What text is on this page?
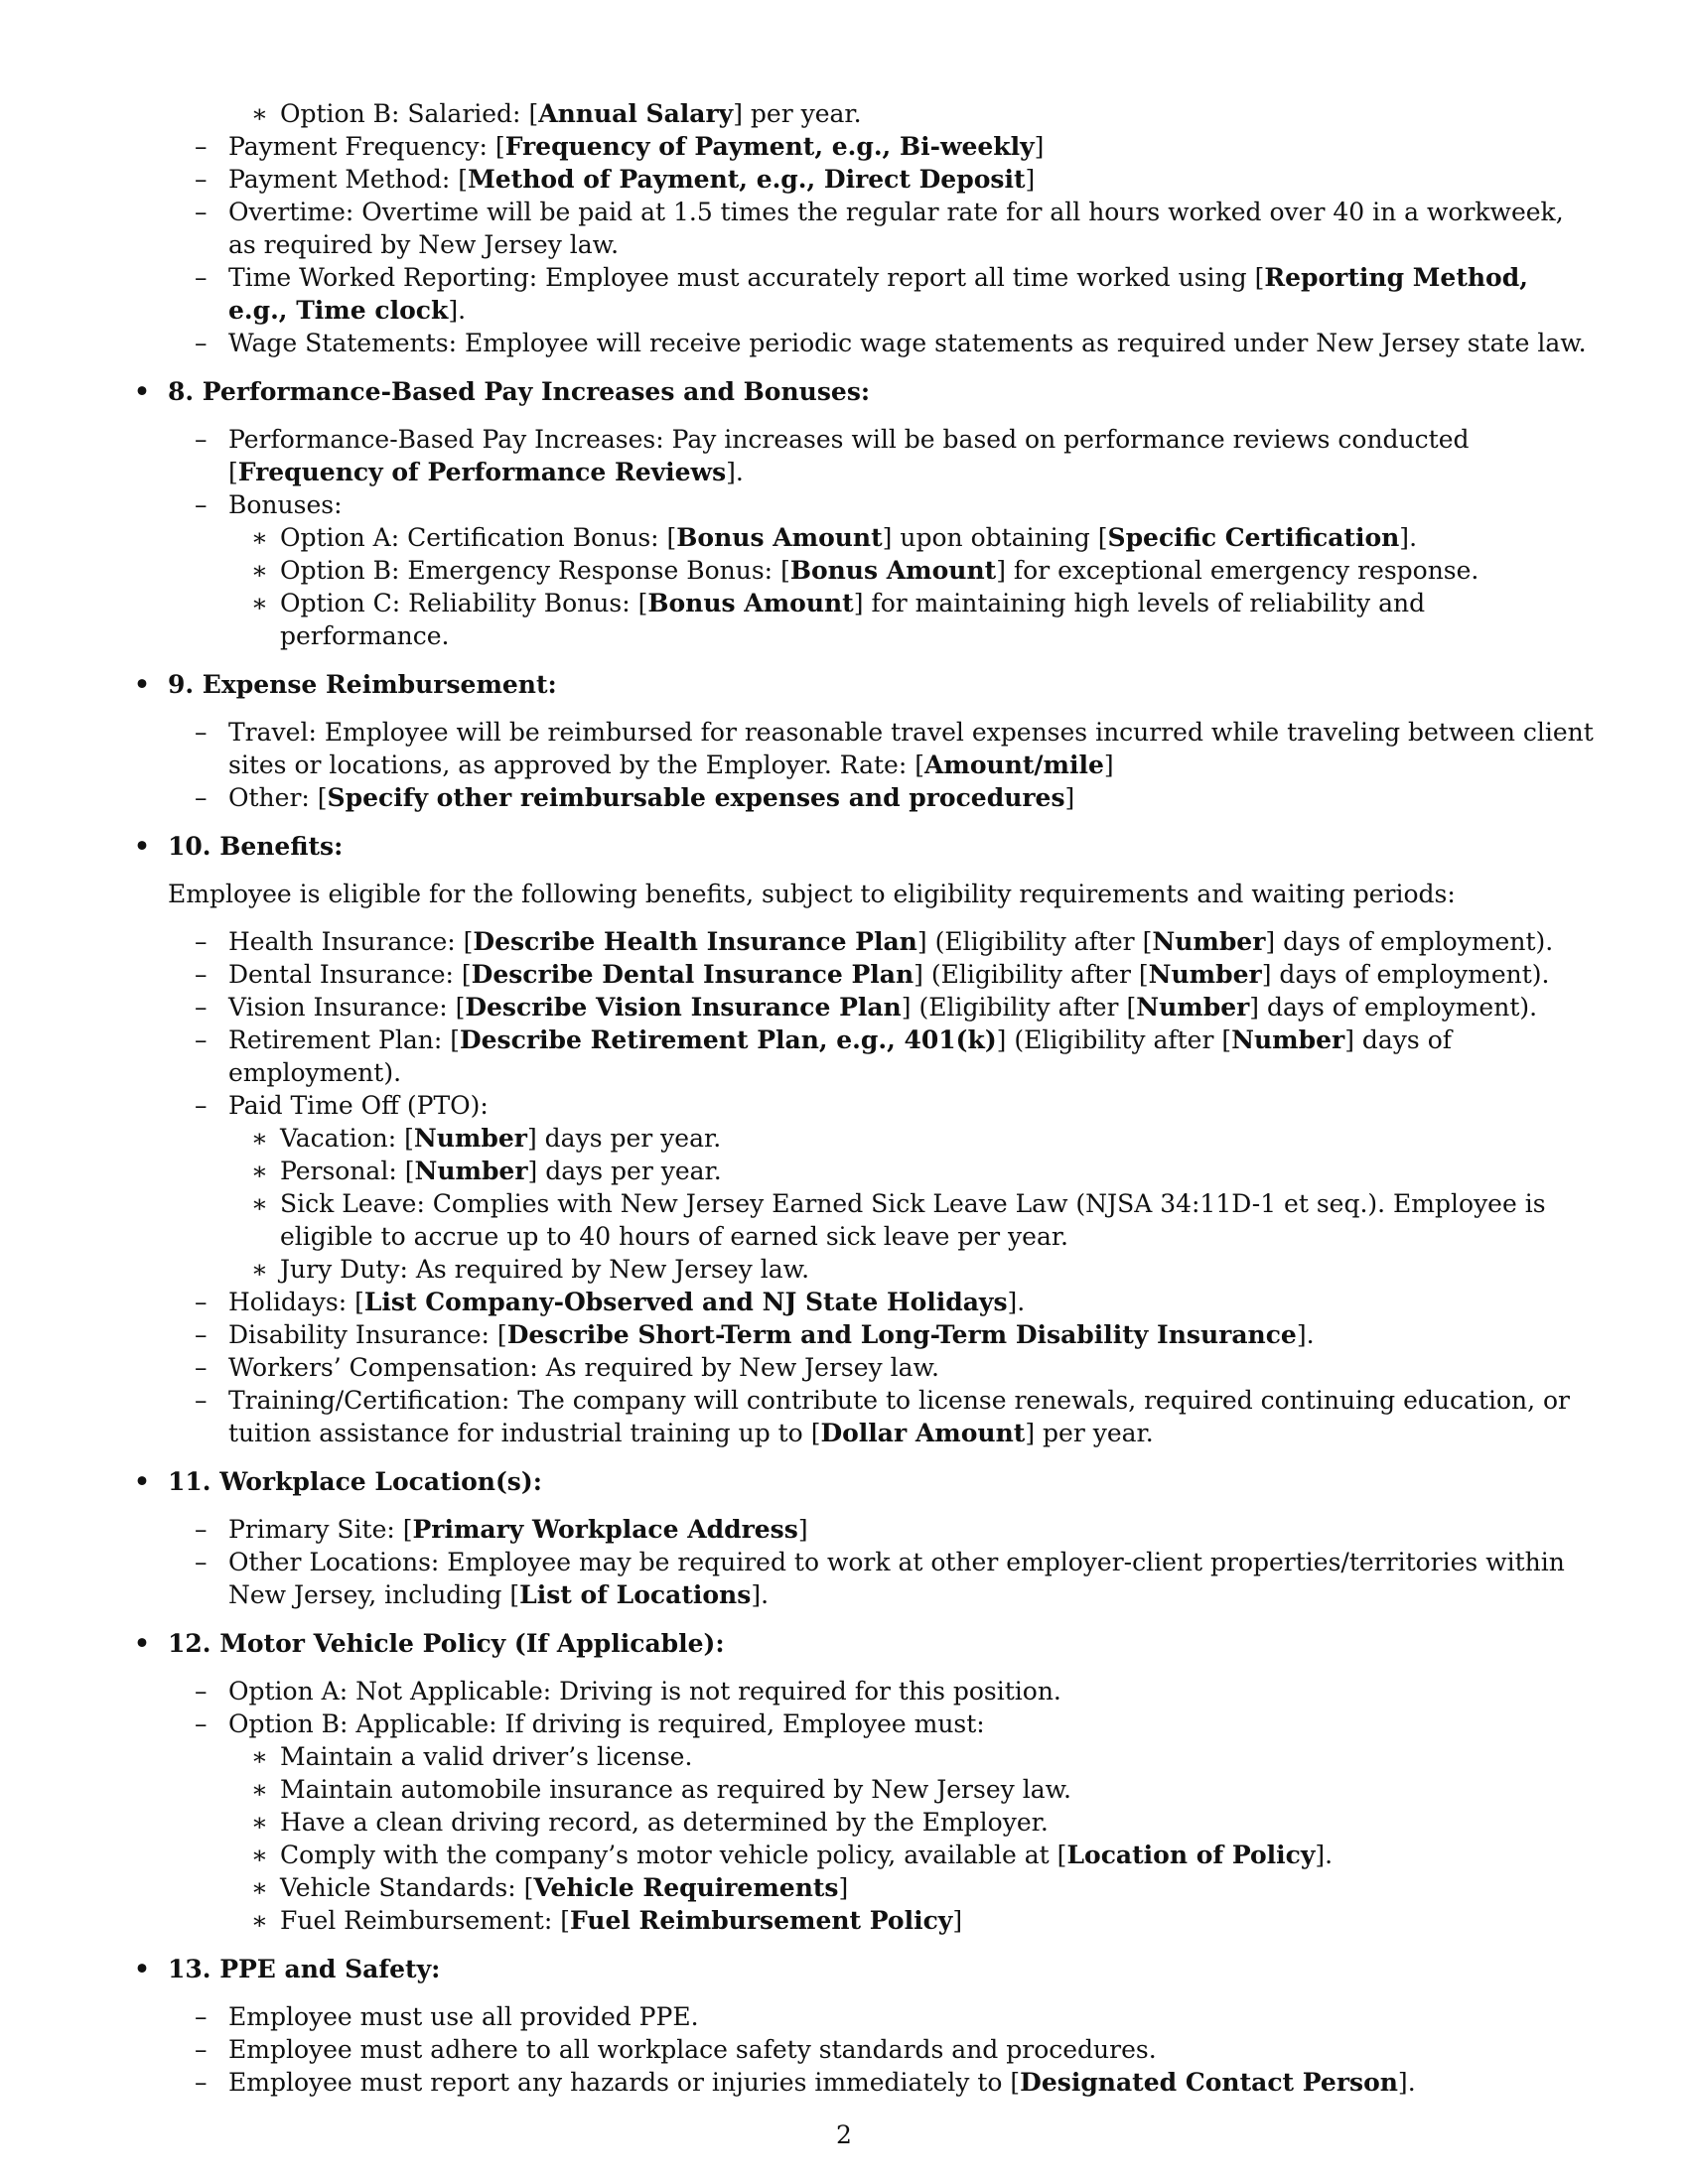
∗ Option B: Salaried: [Annual Salary] per year.
– Payment Frequency: [Frequency of Payment, e.g., Bi-weekly]
– Payment Method: [Method of Payment, e.g., Direct Deposit]
– Overtime: Overtime will be paid at 1.5 times the regular rate for all hours worked over 40 in a workweek, as required by New Jersey law.
– Time Worked Reporting: Employee must accurately report all time worked using [Reporting Method, e.g., Time clock].
– Wage Statements: Employee will receive periodic wage statements as required under New Jersey state law.
• 8. Performance-Based Pay Increases and Bonuses:
– Performance-Based Pay Increases: Pay increases will be based on performance reviews conducted [Frequency of Performance Reviews].
– Bonuses:
∗ Option A: Certification Bonus: [Bonus Amount] upon obtaining [Specific Certification].
∗ Option B: Emergency Response Bonus: [Bonus Amount] for exceptional emergency response.
∗ Option C: Reliability Bonus: [Bonus Amount] for maintaining high levels of reliability and performance.
• 9. Expense Reimbursement:
– Travel: Employee will be reimbursed for reasonable travel expenses incurred while traveling between client sites or locations, as approved by the Employer. Rate: [Amount/mile]
– Other: [Specify other reimbursable expenses and procedures]
• 10. Benefits:
Employee is eligible for the following benefits, subject to eligibility requirements and waiting periods:
– Health Insurance: [Describe Health Insurance Plan] (Eligibility after [Number] days of employment).
– Dental Insurance: [Describe Dental Insurance Plan] (Eligibility after [Number] days of employment).
– Vision Insurance: [Describe Vision Insurance Plan] (Eligibility after [Number] days of employment).
– Retirement Plan: [Describe Retirement Plan, e.g., 401(k)] (Eligibility after [Number] days of employment).
– Paid Time Off (PTO):
∗ Vacation: [Number] days per year.
∗ Personal: [Number] days per year.
∗ Sick Leave: Complies with New Jersey Earned Sick Leave Law (NJSA 34:11D-1 et seq.). Employee is eligible to accrue up to 40 hours of earned sick leave per year.
∗ Jury Duty: As required by New Jersey law.
– Holidays: [List Company-Observed and NJ State Holidays].
– Disability Insurance: [Describe Short-Term and Long-Term Disability Insurance].
– Workers’ Compensation: As required by New Jersey law.
– Training/Certification: The company will contribute to license renewals, required continuing education, or tuition assistance for industrial training up to [Dollar Amount] per year.
• 11. Workplace Location(s):
– Primary Site: [Primary Workplace Address]
– Other Locations: Employee may be required to work at other employer-client properties/territories within New Jersey, including [List of Locations].
• 12. Motor Vehicle Policy (If Applicable):
– Option A: Not Applicable: Driving is not required for this position.
– Option B: Applicable: If driving is required, Employee must:
∗ Maintain a valid driver’s license.
∗ Maintain automobile insurance as required by New Jersey law.
∗ Have a clean driving record, as determined by the Employer.
∗ Comply with the company’s motor vehicle policy, available at [Location of Policy].
∗ Vehicle Standards: [Vehicle Requirements]
∗ Fuel Reimbursement: [Fuel Reimbursement Policy]
• 13. PPE and Safety:
– Employee must use all provided PPE.
– Employee must adhere to all workplace safety standards and procedures.
– Employee must report any hazards or injuries immediately to [Designated Contact Person].
2
